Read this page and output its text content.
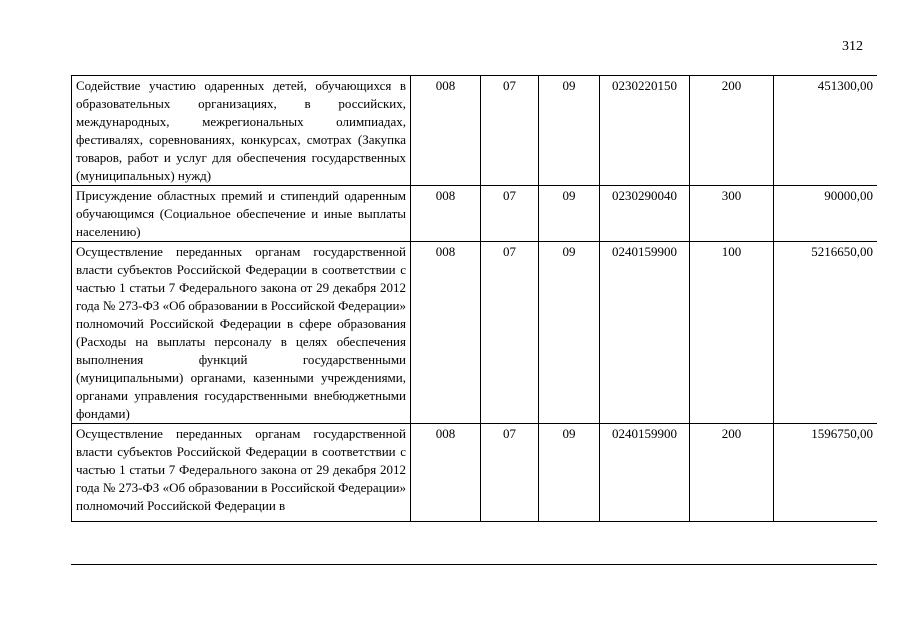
312
Содействие участию одаренных детей, обучающихся в образовательных организациях, в российских, международных, межрегиональных олимпиадах, фестивалях, соревнованиях, конкурсах, смотрах (Закупка товаров, работ и услуг для обеспечения государственных (муниципальных) нужд)	008	07	09	0230220150	200	451300,00
Присуждение областных премий и стипендий одаренным обучающимся (Социальное обеспечение и иные выплаты населению)	008	07	09	0230290040	300	90000,00
Осуществление переданных органам государственной власти субъектов Российской Федерации в соответствии с частью 1 статьи 7 Федерального закона от 29 декабря 2012 года № 273-ФЗ «Об образовании в Российской Федерации» полномочий Российской Федерации в сфере образования (Расходы на выплаты персоналу в целях обеспечения выполнения функций государственными (муниципальными) органами, казенными учреждениями, органами управления государственными внебюджетными фондами)	008	07	09	0240159900	100	5216650,00
Осуществление переданных органам государственной власти субъектов Российской Федерации в соответствии с частью 1 статьи 7 Федерального закона от 29 декабря 2012 года № 273-ФЗ «Об образовании в Российской Федерации» полномочий Российской Федерации в	008	07	09	0240159900	200	1596750,00
